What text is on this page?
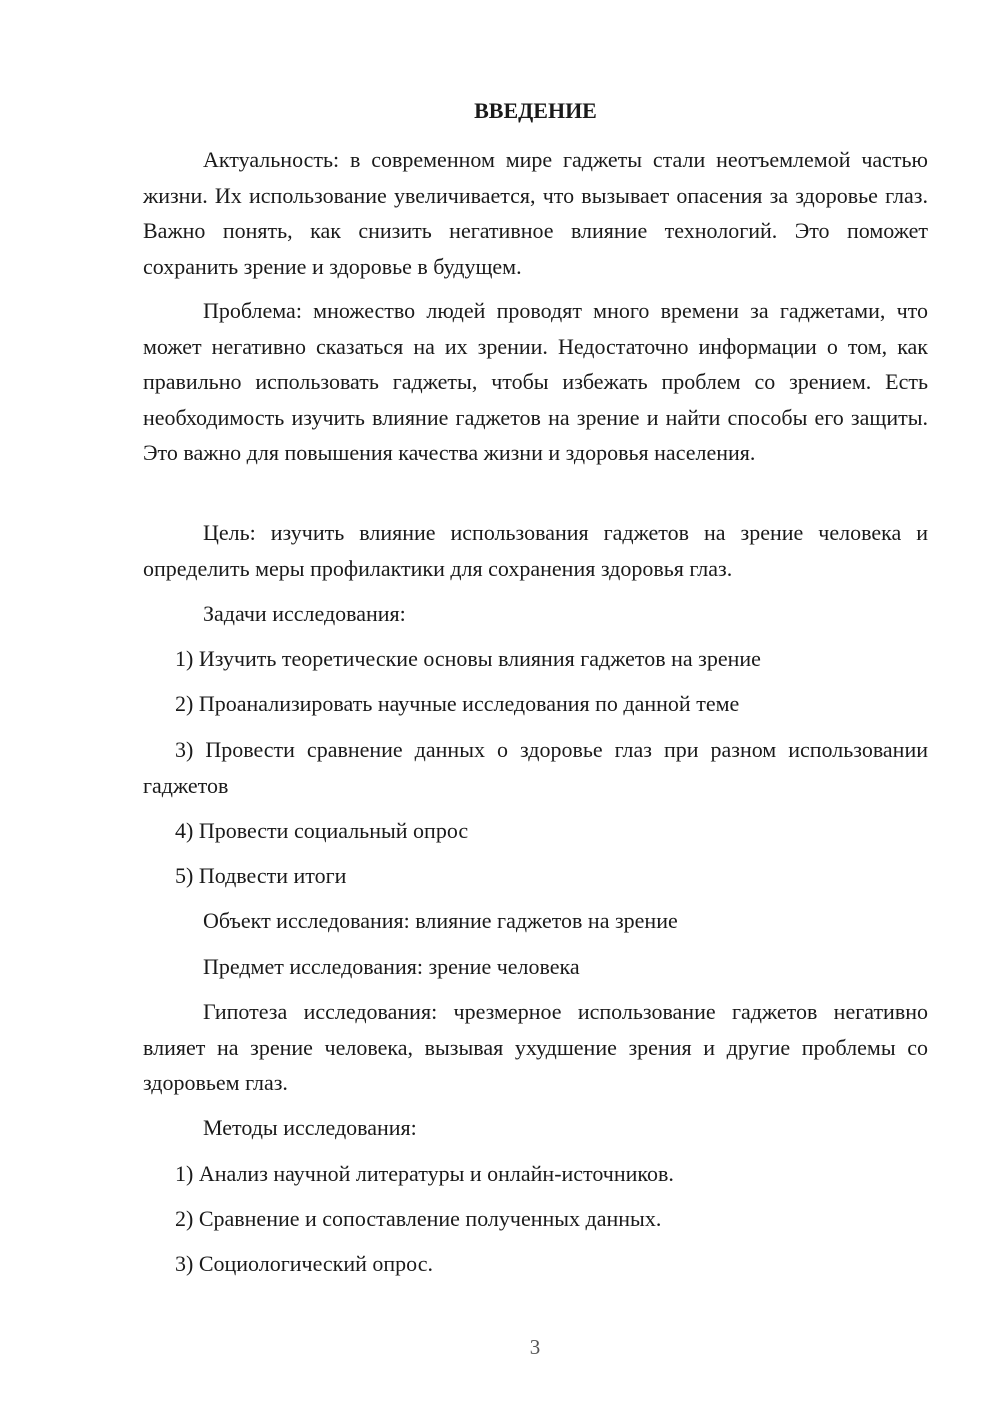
ВВЕДЕНИЕ

Актуальность: в современном мире гаджеты стали неотъемлемой частью жизни. Их использование увеличивается, что вызывает опасения за здоровье глаз. Важно понять, как снизить негативное влияние технологий. Это поможет сохранить зрение и здоровье в будущем.

Проблема: множество людей проводят много времени за гаджетами, что может негативно сказаться на их зрении. Недостаточно информации о том, как правильно использовать гаджеты, чтобы избежать проблем со зрением. Есть необходимость изучить влияние гаджетов на зрение и найти способы его защиты. Это важно для повышения качества жизни и здоровья населения.

Цель: изучить влияние использования гаджетов на зрение человека и определить меры профилактики для сохранения здоровья глаз.

Задачи исследования:

1) Изучить теоретические основы влияния гаджетов на зрение

2) Проанализировать научные исследования по данной теме

3) Провести сравнение данных о здоровье глаз при разном использовании гаджетов

4) Провести социальный опрос

5) Подвести итоги

Объект исследования: влияние гаджетов на зрение

Предмет исследования: зрение человека

Гипотеза исследования: чрезмерное использование гаджетов негативно влияет на зрение человека, вызывая ухудшение зрения и другие проблемы со здоровьем глаз.

Методы исследования:

1) Анализ научной литературы и онлайн-источников.

2) Сравнение и сопоставление полученных данных.

3) Социологический опрос.

3
